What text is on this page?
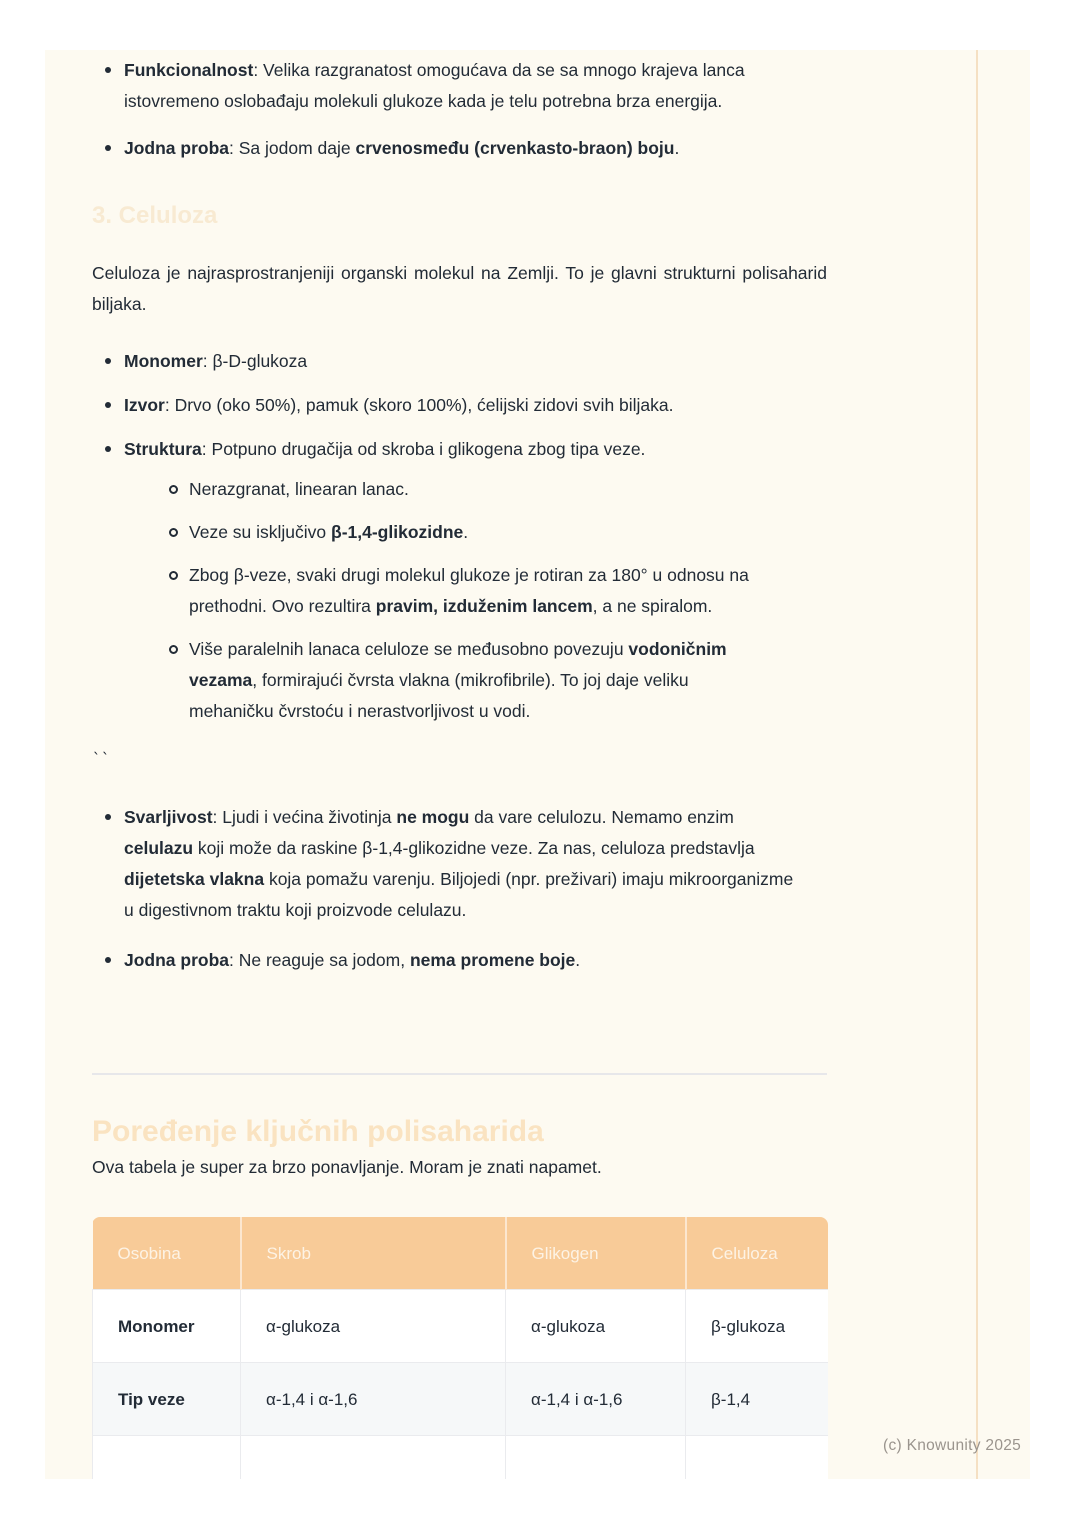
Funkcionalnost: Velika razgranatost omogućava da se sa mnogo krajeva lanca istovremeno oslobađaju molekuli glukoze kada je telu potrebna brza energija.
Jodna proba: Sa jodom daje crvenosmeđu (crvenkasto-braon) boju.
3. Celuloza

Celuloza je najrasprostranjeniji organski molekul na Zemlji. To je glavni strukturni polisaharid biljaka.

Monomer: β-D-glukoza
Izvor: Drvo (oko 50%), pamuk (skoro 100%), ćelijski zidovi svih biljaka.
Struktura: Potpuno drugačija od skroba i glikogena zbog tipa veze.
Nerazgranat, linearan lanac.
Veze su isključivo β-1,4-glikozidne.
Zbog β-veze, svaki drugi molekul glukoze je rotiran za 180° u odnosu na prethodni. Ovo rezultira pravim, izduženim lancem, a ne spiralom.
Više paralelnih lanaca celuloze se međusobno povezuju vodoničnim vezama, formirajući čvrsta vlakna (mikrofibrile). To joj daje veliku mehaničku čvrstoću i nerastvorljivost u vodi.
``
Svarljivost: Ljudi i većina životinja ne mogu da vare celulozu. Nemamo enzim celulazu koji može da raskine β-1,4-glikozidne veze. Za nas, celuloza predstavlja dijetetska vlakna koja pomažu varenju. Biljojedi (npr. preživari) imaju mikroorganizme u digestivnom traktu koji proizvode celulazu.
Jodna proba: Ne reaguje sa jodom, nema promene boje.
Poređenje ključnih polisaharida

Ova tabela je super za brzo ponavljanje. Moram je znati napamet.

Osobina	Skrob	Glikogen	Celuloza
Monomer	α-glukoza	α-glukoza	β-glukoza
Tip veze	α-1,4 i α-1,6	α-1,4 i α-1,6	β-1,4

(c) Knowunity 2025
